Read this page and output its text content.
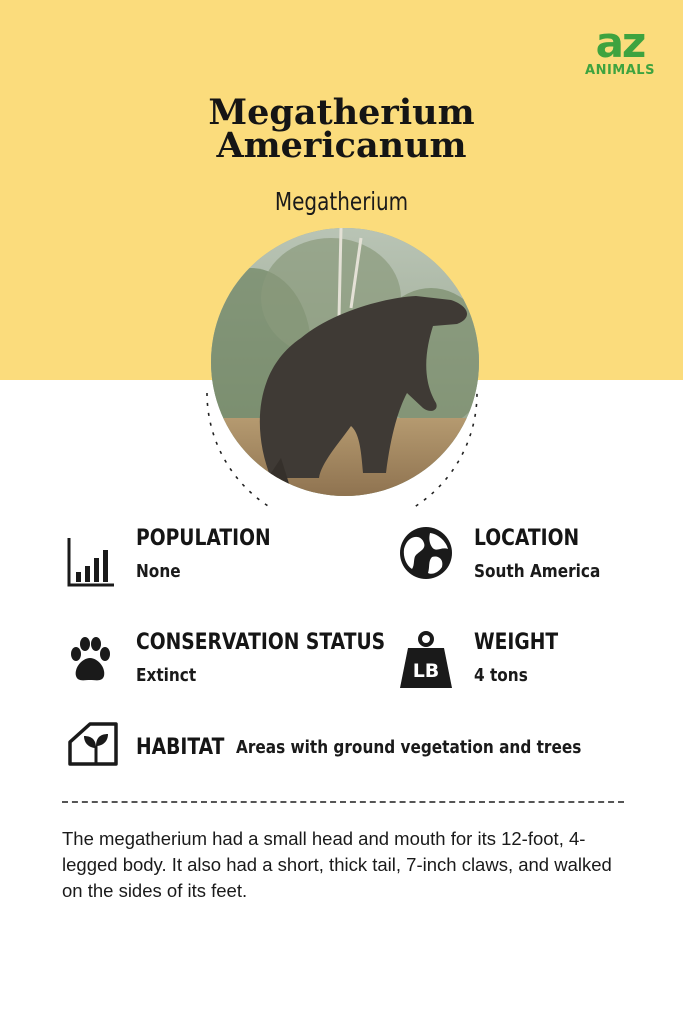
az
ANIMALS
Megatherium
Americanum
Megatherium
POPULATION
None
LOCATION
South America
CONSERVATION STATUS
Extinct	LB
WEIGHT
4 tons
HABITAT Areas with ground vegetation and trees
The megatherium had a small head and mouth for its 12-foot, 4-legged body. It also had a short, thick tail, 7-inch claws, and walked on the sides of its feet.
